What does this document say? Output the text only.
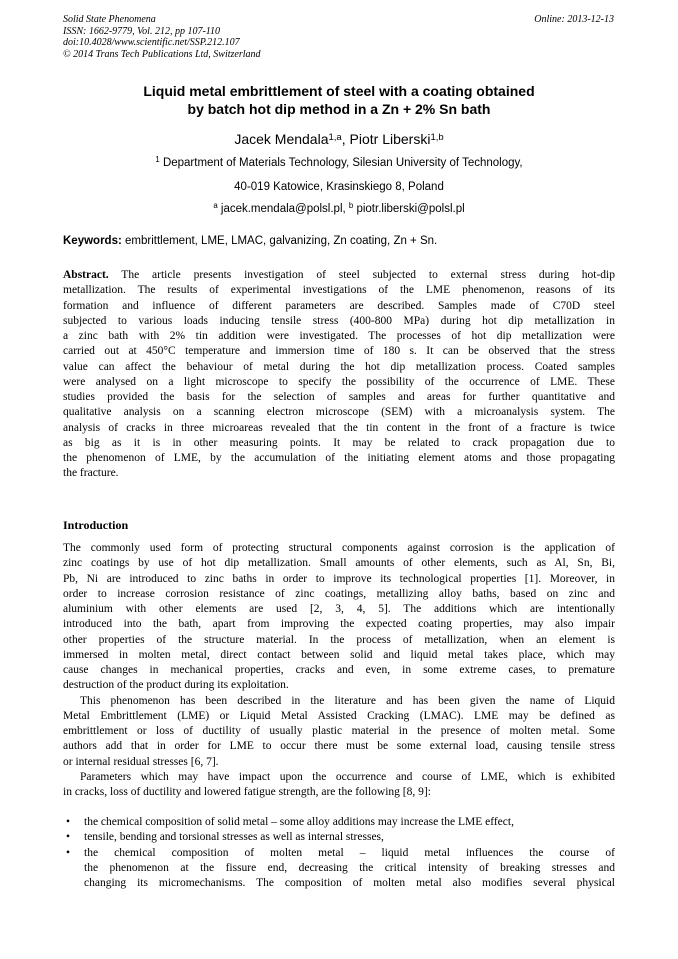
Solid State Phenomena
ISSN: 1662-9779, Vol. 212, pp 107-110
doi:10.4028/www.scientific.net/SSP.212.107
© 2014 Trans Tech Publications Ltd, Switzerland
Online: 2013-12-13
Liquid metal embrittlement of steel with a coating obtained
by batch hot dip method in a Zn + 2% Sn bath
Jacek Mendala$^{1,a}$, Piotr Liberski$^{1,b}$
$^1$ Department of Materials Technology, Silesian University of Technology,
40-019 Katowice, Krasinskiego 8, Poland
$^a$ jacek.mendala@polsl.pl, $^b$ piotr.liberski@polsl.pl
Keywords: embrittlement, LME, LMAC, galvanizing, Zn coating, Zn + Sn.
Abstract. The article presents investigation of steel subjected to external stress during hot-dip
metallization. The results of experimental investigations of the LME phenomenon, reasons of its
formation and influence of different parameters are described. Samples made of C70D steel
subjected to various loads inducing tensile stress (400-800 MPa) during hot dip metallization in
a zinc bath with 2% tin addition were investigated. The processes of hot dip metallization were
carried out at 450°C temperature and immersion time of 180 s. It can be observed that the stress
value can affect the behaviour of metal during the hot dip metallization process. Coated samples
were analysed on a light microscope to specify the possibility of the occurrence of LME. These
studies provided the basis for the selection of samples and areas for further quantitative and
qualitative analysis on a scanning electron microscope (SEM) with a microanalysis system. The
analysis of cracks in three microareas revealed that the tin content in the front of a fracture is twice
as big as it is in other measuring points. It may be related to crack propagation due to
the phenomenon of LME, by the accumulation of the initiating element atoms and those propagating
the fracture.
Introduction
The commonly used form of protecting structural components against corrosion is the application of
zinc coatings by use of hot dip metallization. Small amounts of other elements, such as Al, Sn, Bi,
Pb, Ni are introduced to zinc baths in order to improve its technological properties [1]. Moreover, in
order to increase corrosion resistance of zinc coatings, metallizing alloy baths, based on zinc and
aluminium with other elements are used [2, 3, 4, 5]. The additions which are intentionally
introduced into the bath, apart from improving the expected coating properties, may also impair
other properties of the structure material. In the process of metallization, when an element is
immersed in molten metal, direct contact between solid and liquid metal takes place, which may
cause changes in mechanical properties, cracks and even, in some extreme cases, to premature
destruction of the product during its exploitation.
This phenomenon has been described in the literature and has been given the name of Liquid
Metal Embrittlement (LME) or Liquid Metal Assisted Cracking (LMAC). LME may be defined as
embrittlement or loss of ductility of usually plastic material in the presence of molten metal. Some
authors add that in order for LME to occur there must be some external load, causing tensile stress
or internal residual stresses [6, 7].
Parameters which may have impact upon the occurrence and course of LME, which is exhibited
in cracks, loss of ductility and lowered fatigue strength, are the following [8, 9]:
• the chemical composition of solid metal – some alloy additions may increase the LME effect,
• tensile, bending and torsional stresses as well as internal stresses,
• the chemical composition of molten metal – liquid metal influences the course of
the phenomenon at the fissure end, decreasing the critical intensity of breaking stresses and
changing its micromechanisms. The composition of molten metal also modifies several physical
